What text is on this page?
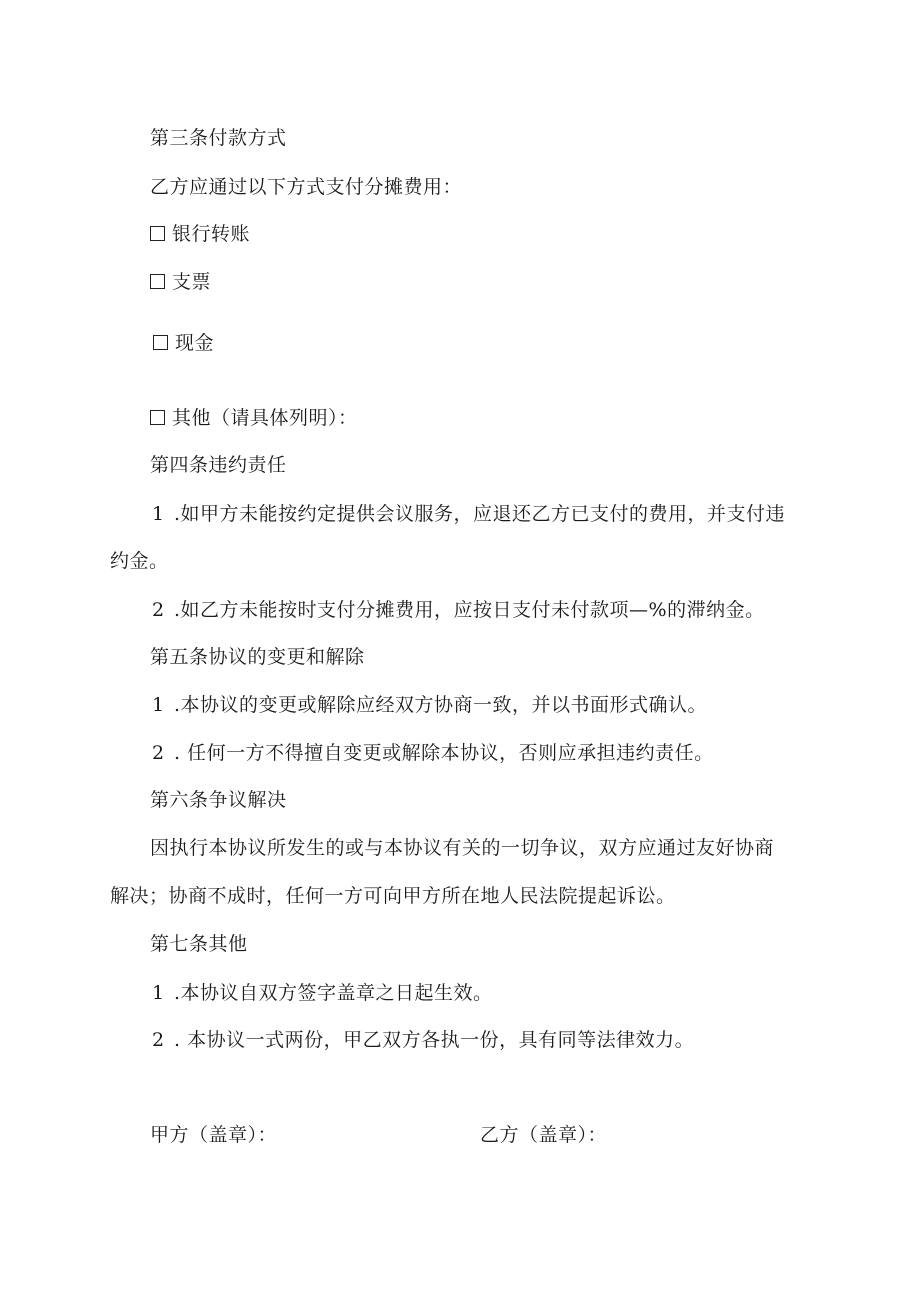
第三条付款方式
乙方应通过以下方式支付分摊费用：
银行转账
支票
现金
其他（请具体列明）：
第四条违约责任
1 .如甲方未能按约定提供会议服务，应退还乙方已支付的费用，并支付违
约金。
2 .如乙方未能按时支付分摊费用，应按日支付未付款项—%的滞纳金。
第五条协议的变更和解除
1 .本协议的变更或解除应经双方协商一致，并以书面形式确认。
2 . 任何一方不得擅自变更或解除本协议，否则应承担违约责任。
第六条争议解决
因执行本协议所发生的或与本协议有关的一切争议，双方应通过友好协商
解决；协商不成时，任何一方可向甲方所在地人民法院提起诉讼。
第七条其他
1 .本协议自双方签字盖章之日起生效。
2 . 本协议一式两份，甲乙双方各执一份，具有同等法律效力。
甲方（盖章）：	乙方（盖章）：
